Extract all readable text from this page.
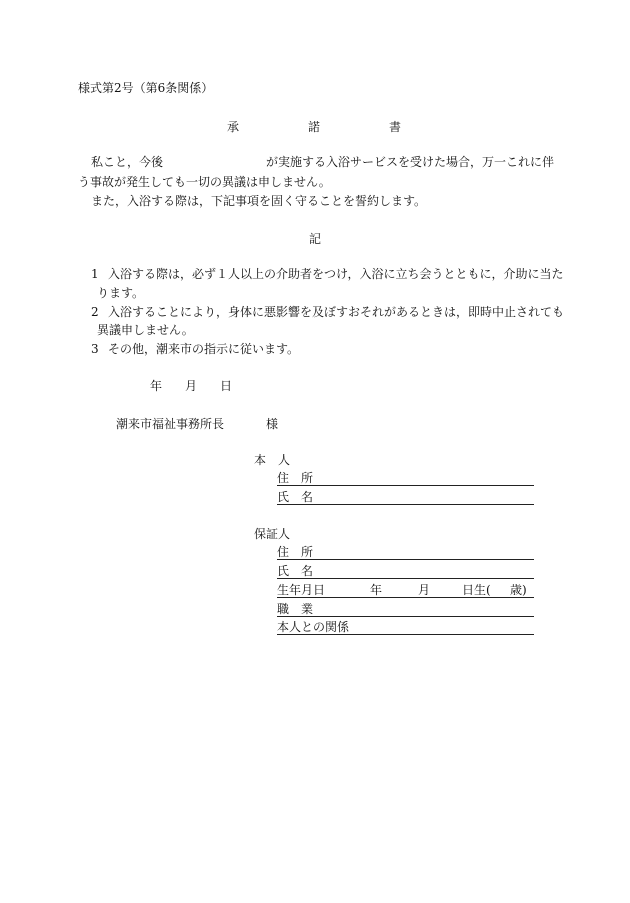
様式第2号（第6条関係）
承	諾	書
私こと，今後	が実施する入浴サービスを受けた場合，万一これに伴
う事故が発生しても一切の異議は申しません。
また，入浴する際は，下記事項を固く守ることを誓約します。
記
1 入浴する際は，必ず１人以上の介助者をつけ，入浴に立ち会うとともに，介助に当た
ります。
2 入浴することにより，身体に悪影響を及ぼすおそれがあるときは，即時中止されても
異議申しません。
3 その他，潮来市の指示に従います。
年 月 日
潮来市福祉事務所長	様
本　人
住　所
氏　名
保証人
住　所
氏　名
生年月日	年	月	日生( 歳)
職　業
本人との関係
